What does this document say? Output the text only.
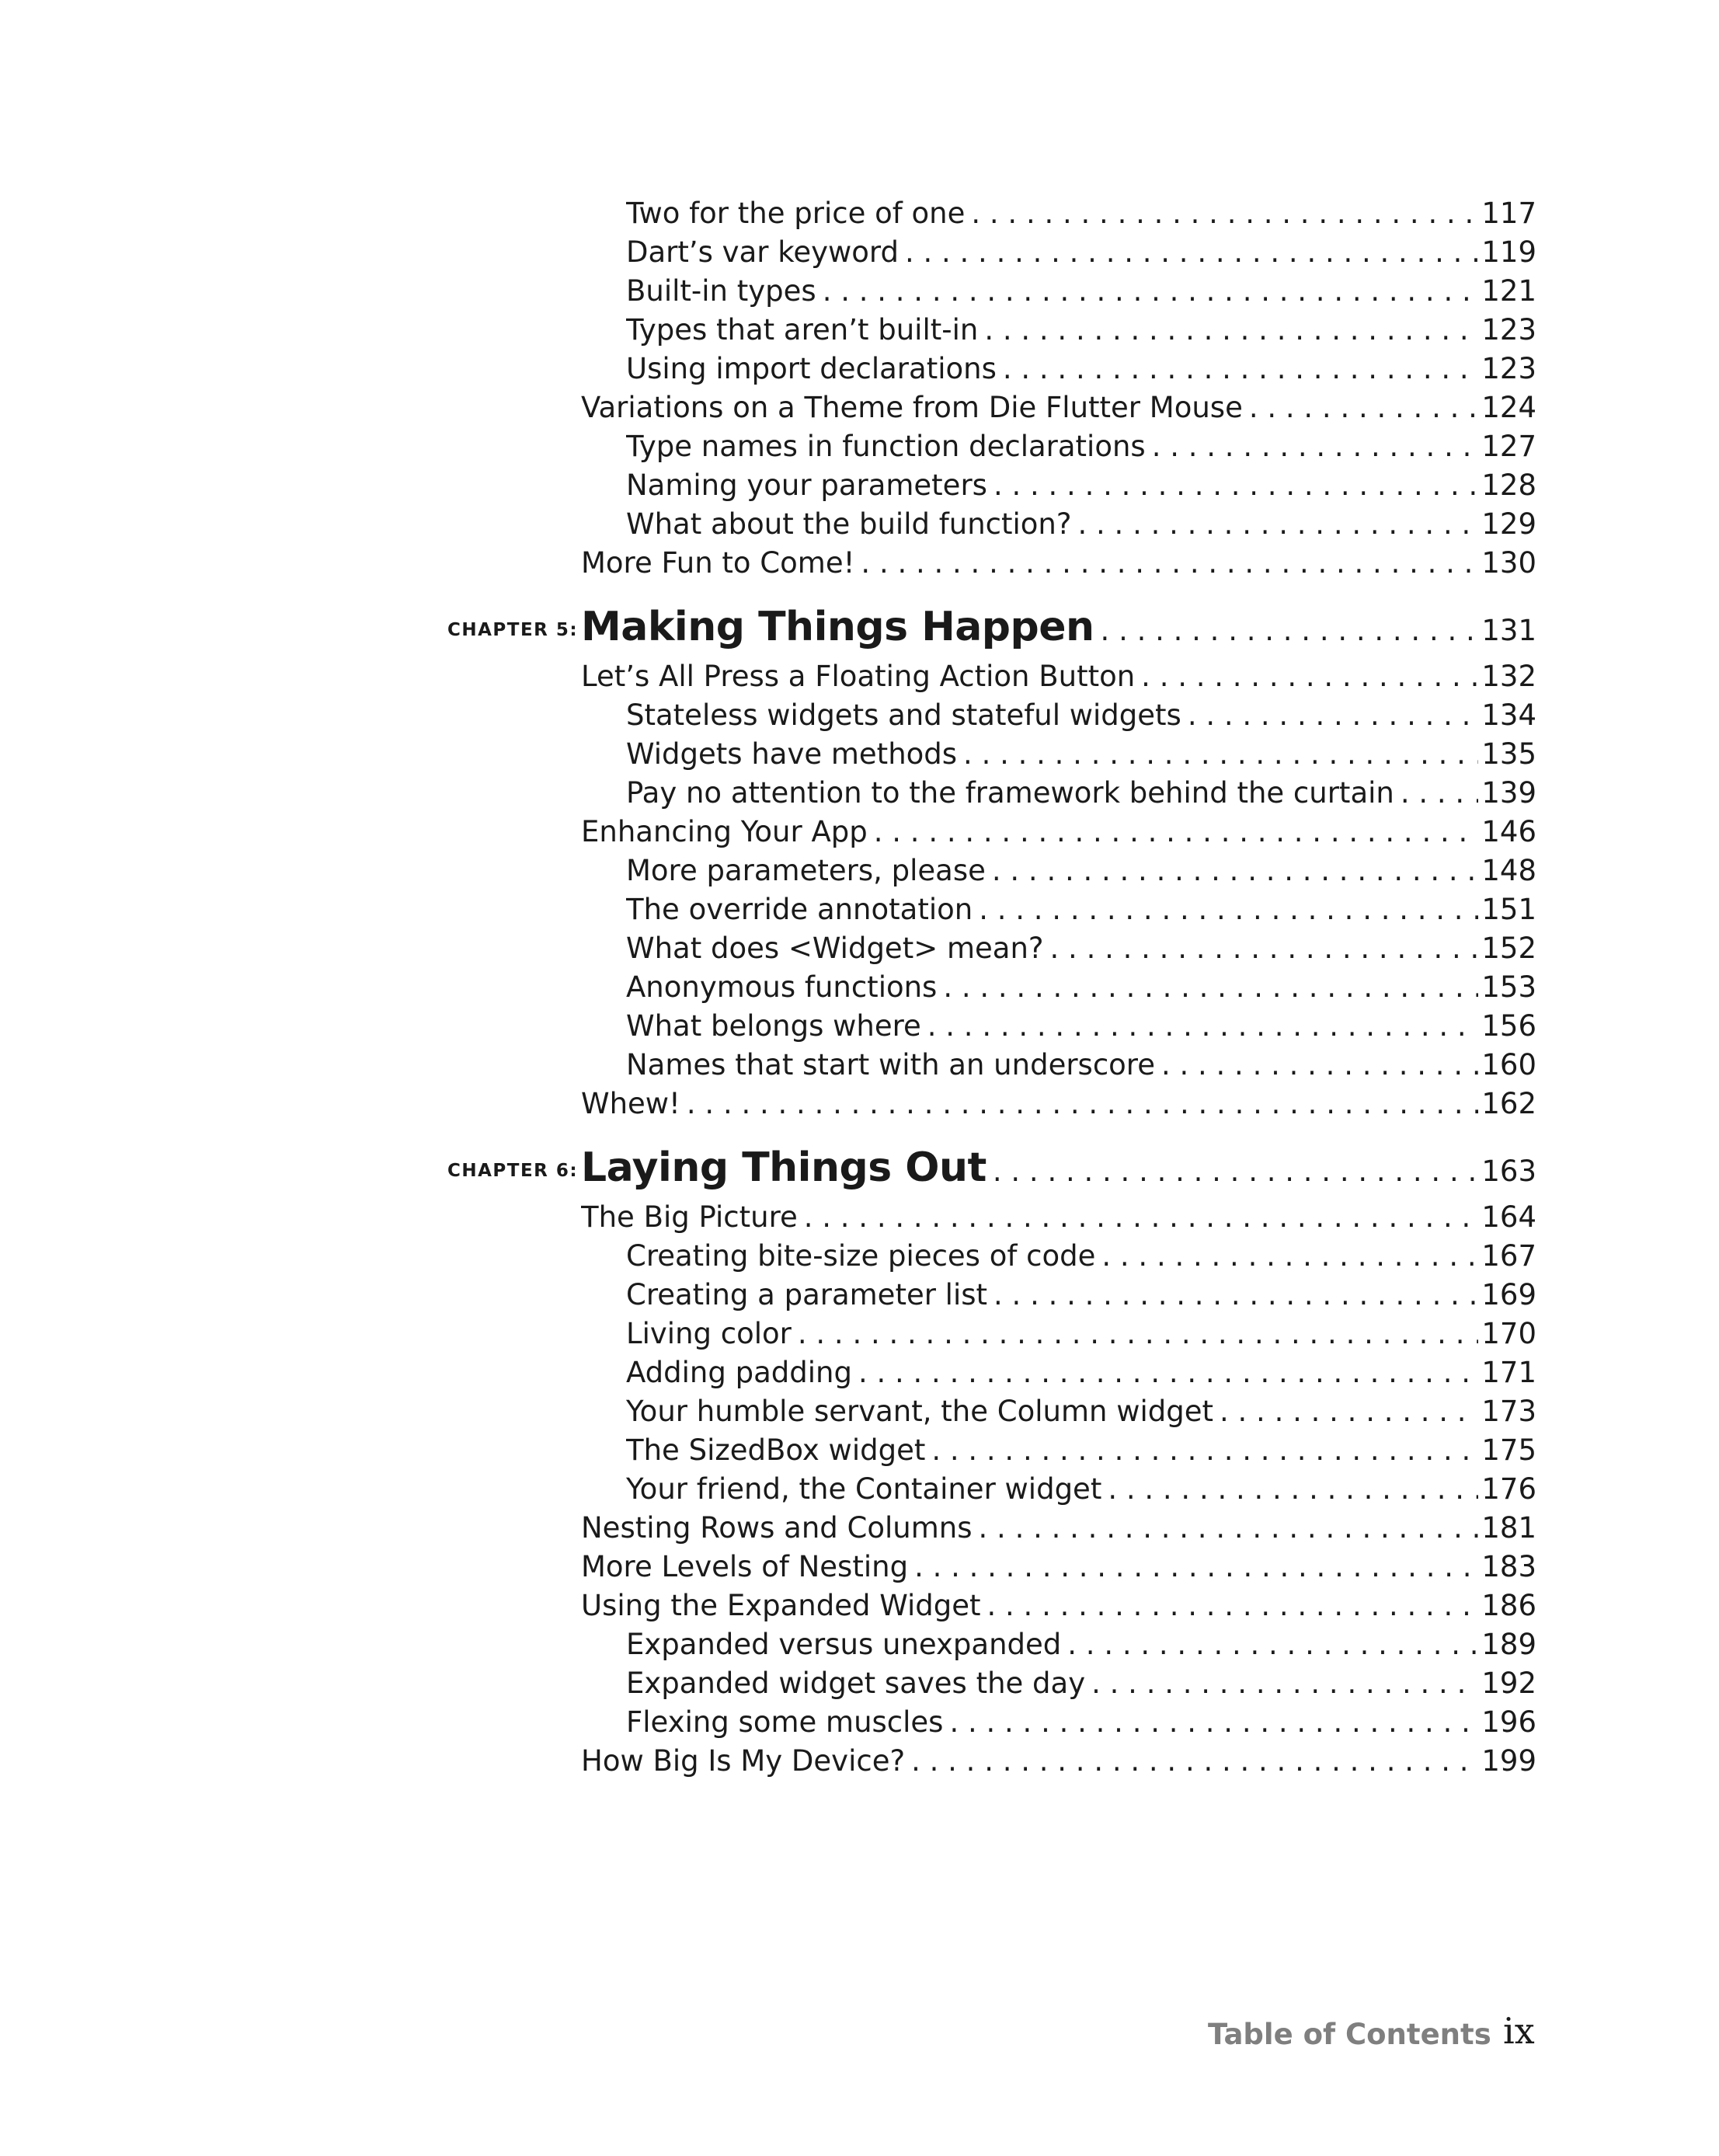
Two for the price of one . . .	117
Dart’s var keyword . . .	119
Built-in types . . .	121
Types that aren’t built-in . . .	123
Using import declarations . . .	123
Variations on a Theme from Die Flutter Mouse . . .	124
Type names in function declarations . . .	127
Naming your parameters . . .	128
What about the build function? . . .	129
More Fun to Come! . . .	130
CHAPTER 5: Making Things Happen . . .	131
Let’s All Press a Floating Action Button . . .	132
Stateless widgets and stateful widgets . . .	134
Widgets have methods . . .	135
Pay no attention to the framework behind the curtain . . .	139
Enhancing Your App . . .	146
More parameters, please . . .	148
The override annotation . . .	151
What does <Widget> mean? . . .	152
Anonymous functions . . .	153
What belongs where . . .	156
Names that start with an underscore . . .	160
Whew! . . .	162
CHAPTER 6: Laying Things Out . . .	163
The Big Picture . . .	164
Creating bite-size pieces of code . . .	167
Creating a parameter list . . .	169
Living color . . .	170
Adding padding . . .	171
Your humble servant, the Column widget . . .	173
The SizedBox widget . . .	175
Your friend, the Container widget . . .	176
Nesting Rows and Columns . . .	181
More Levels of Nesting . . .	183
Using the Expanded Widget . . .	186
Expanded versus unexpanded . . .	189
Expanded widget saves the day . . .	192
Flexing some muscles . . .	196
How Big Is My Device? . . .	199
Table of Contents ix
